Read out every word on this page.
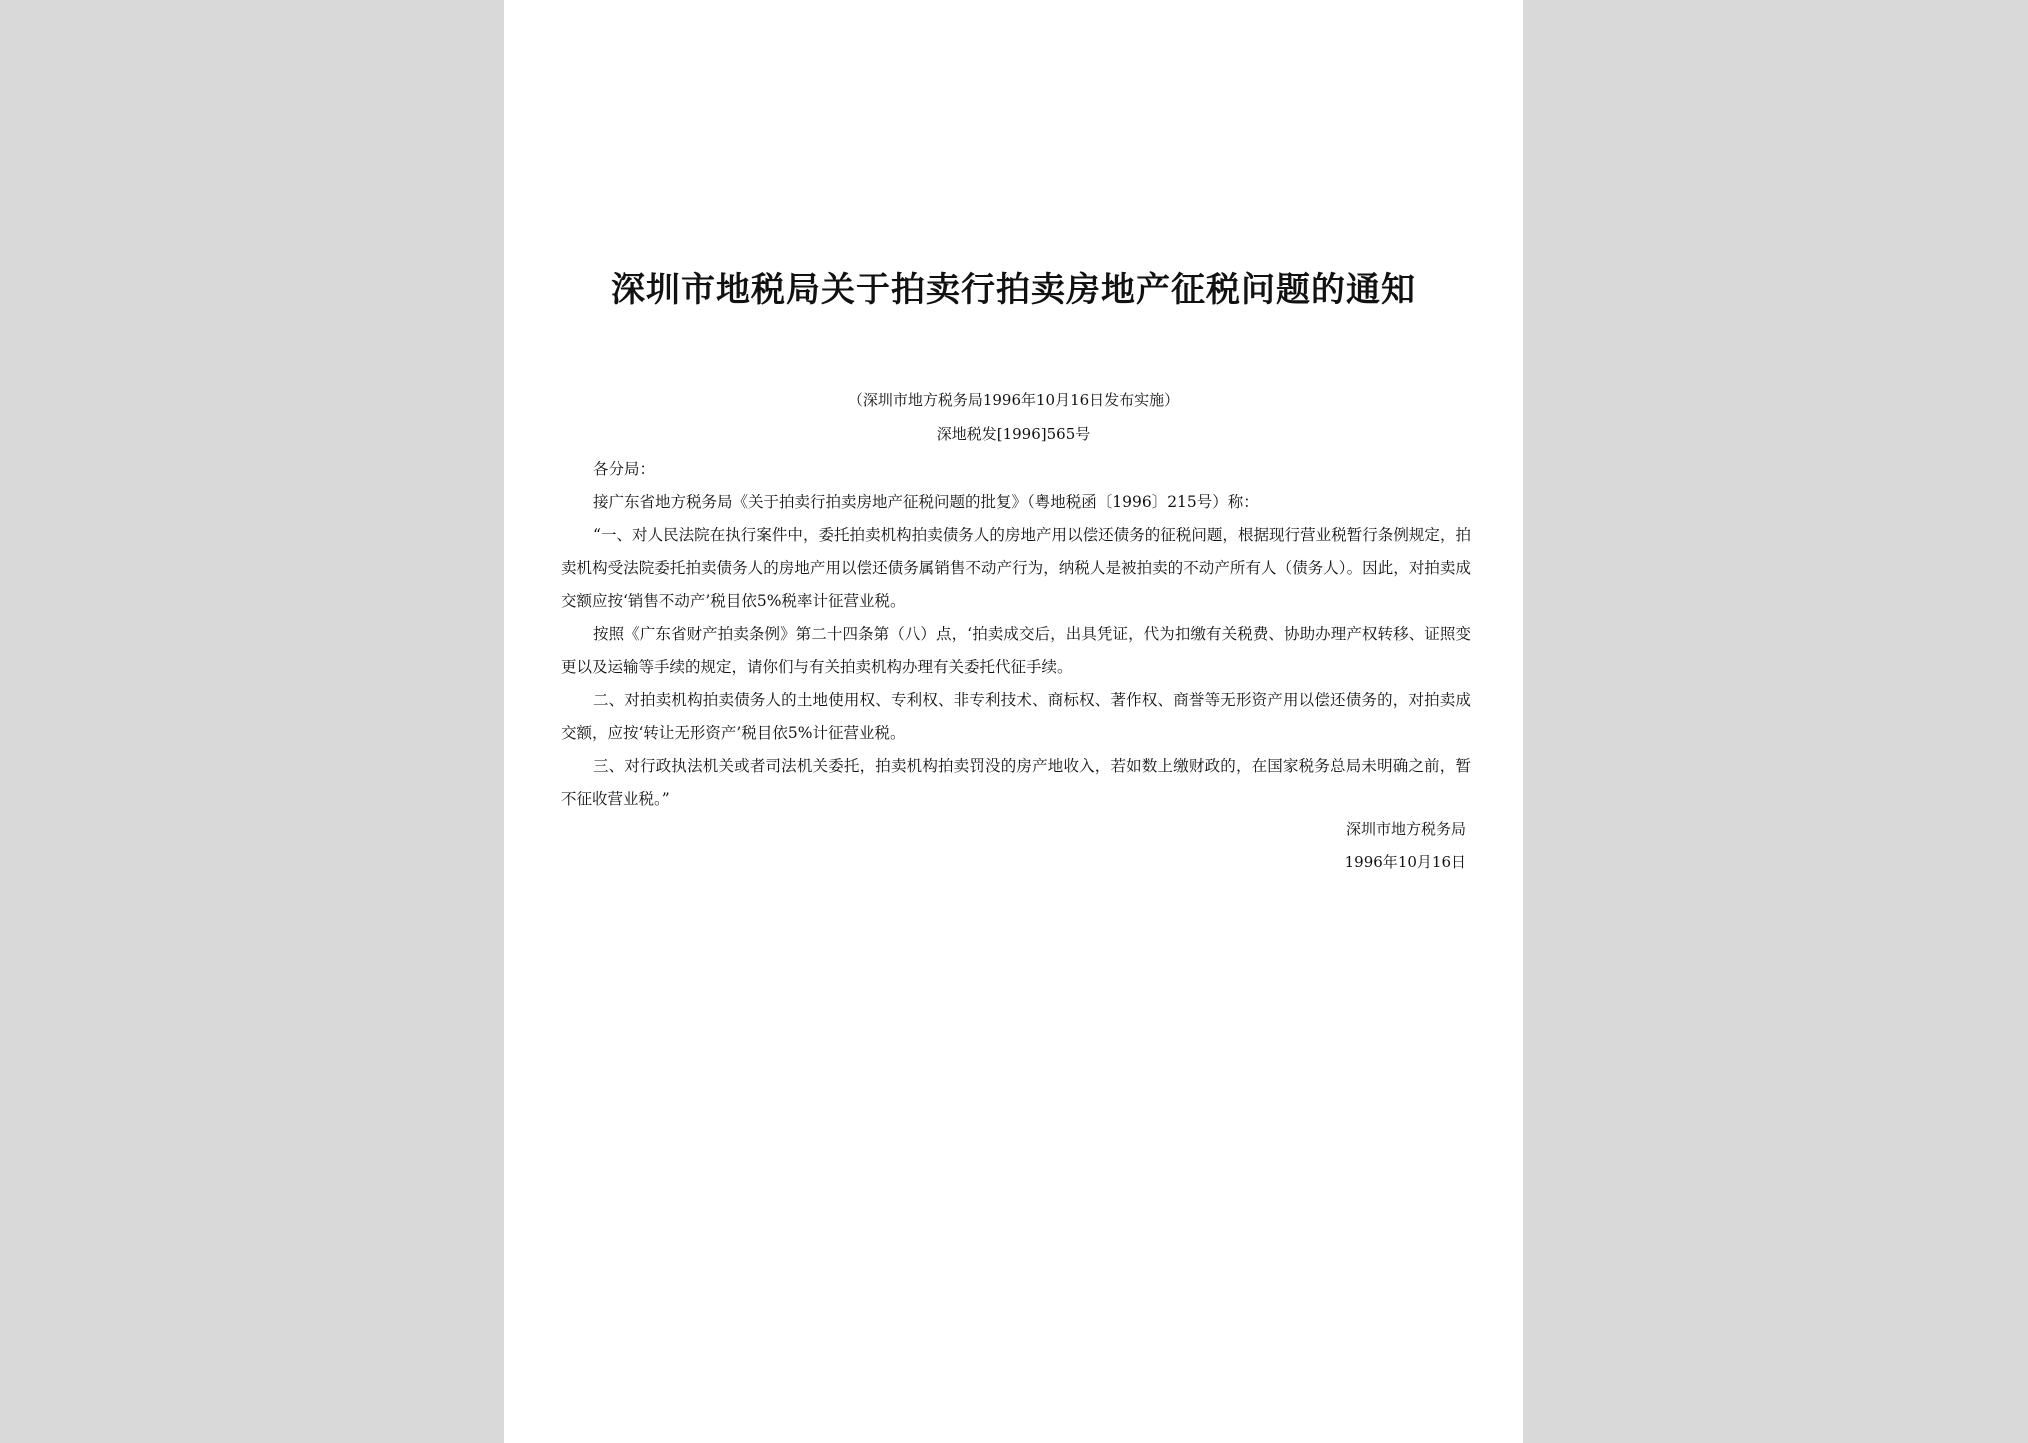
深圳市地税局关于拍卖行拍卖房地产征税问题的通知
（深圳市地方税务局1996年10月16日发布实施）
深地税发[1996]565号

各分局：

接广东省地方税务局《关于拍卖行拍卖房地产征税问题的批复》（粤地税函〔1996〕215号）称：

“一、对人民法院在执行案件中，委托拍卖机构拍卖债务人的房地产用以偿还债务的征税问题，根据现行营业税暂行条例规定，拍卖机构受法院委托拍卖债务人的房地产用以偿还债务属销售不动产行为，纳税人是被拍卖的不动产所有人（债务人）。因此，对拍卖成交额应按‘销售不动产’税目依5%税率计征营业税。

按照《广东省财产拍卖条例》第二十四条第（八）点，‘拍卖成交后，出具凭证，代为扣缴有关税费、协助办理产权转移、证照变更以及运输等手续的规定，请你们与有关拍卖机构办理有关委托代征手续。

二、对拍卖机构拍卖债务人的土地使用权、专利权、非专利技术、商标权、著作权、商誉等无形资产用以偿还债务的，对拍卖成交额，应按‘转让无形资产’税目依5%计征营业税。

三、对行政执法机关或者司法机关委托，拍卖机构拍卖罚没的房产地收入，若如数上缴财政的，在国家税务总局未明确之前，暂不征收营业税。”

深圳市地方税务局
1996年10月16日
